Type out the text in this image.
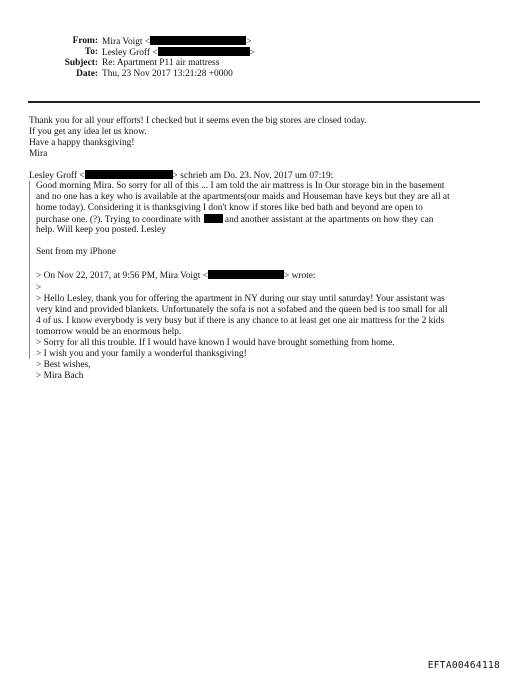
From: Mira Voigt <	>
To: Lesley Groff <	>
Subject: Re: Apartment P11 air mattress
Date: Thu, 23 Nov 2017 13:21:28 +0000
Thank you for all your efforts! I checked but it seems even the big stores are closed today.
If you get any idea let us know.
Have a happy thanksgiving!
Mira
Lesley Groff <	> schrieb am Do. 23. Nov. 2017 um 07:19:
Good morning Mira. So sorry for all of this ... I am told the air mattress is In Our storage bin in the basement
and no one has a key who is available at the apartments(our maids and Houseman have keys but they are all at
home today). Considering it is thanksgiving I don't know if stores like bed bath and beyond are open to
purchase one. (?). Trying to coordinate with and another assistant at the apartments on how they can
help. Will keep you posted. Lesley
Sent from my iPhone
> On Nov 22, 2017, at 9:56 PM, Mira Voigt <	> wrote:
>
> Hello Lesley, thank you for offering the apartment in NY during our stay until saturday! Your assistant was
very kind and provided blankets. Unfortunately the sofa is not a sofabed and the queen bed is too small for all
4 of us. I know everybody is very busy but if there is any chance to at least get one air mattress for the 2 kids
tomorrow would be an enormous help.
> Sorry for all this trouble. If I would have known I would have brought something from home.
> I wish you and your family a wonderful thanksgiving!
> Best wishes,
> Mira Bach
EFTA00464118
